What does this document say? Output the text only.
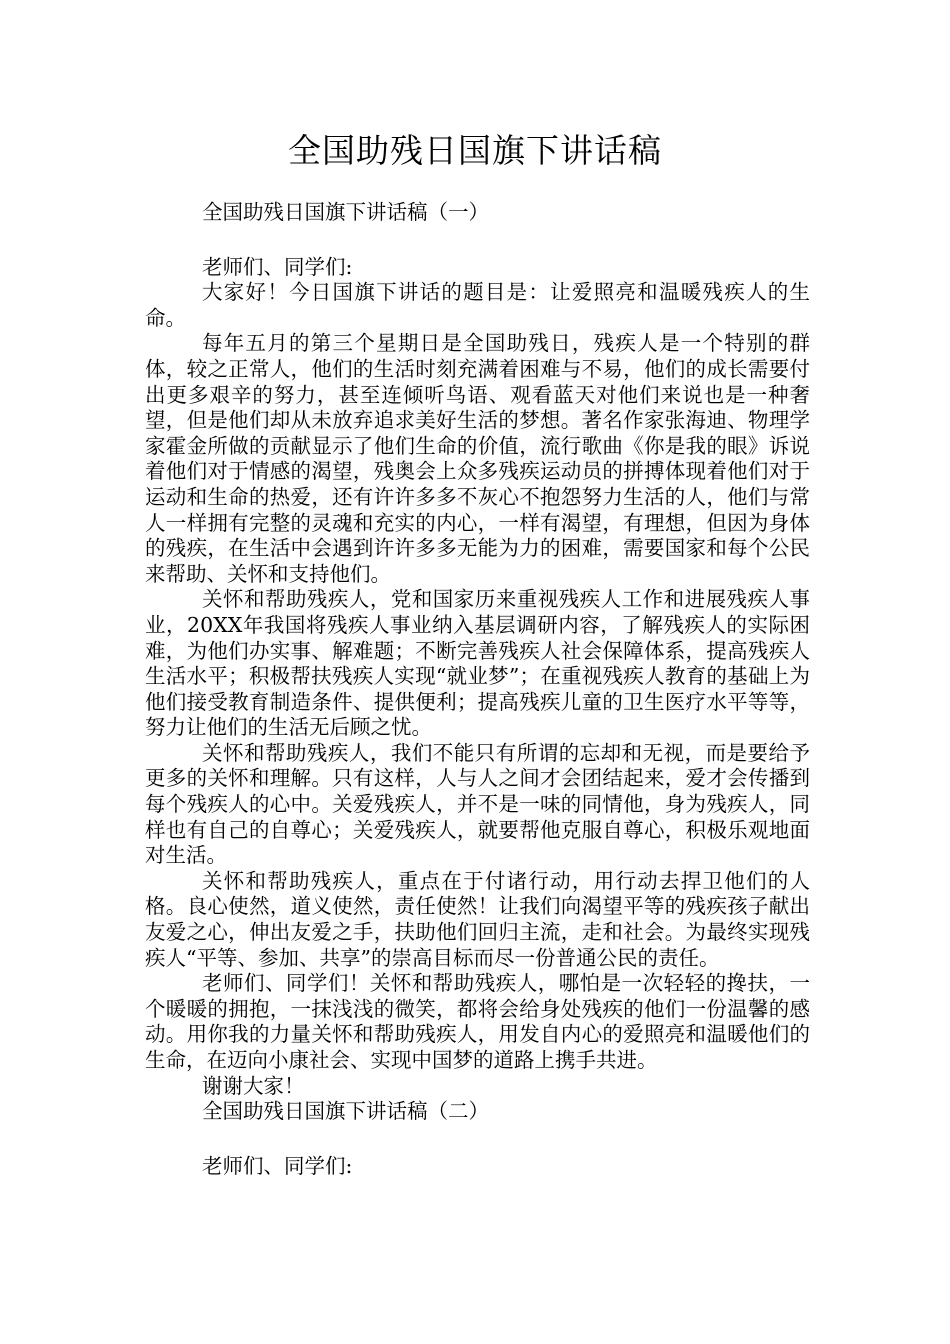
全国助残日国旗下讲话稿

全国助残日国旗下讲话稿（一）

老师们、同学们:

大家好！今日国旗下讲话的题目是：让爱照亮和温暖残疾人的生命。

每年五月的第三个星期日是全国助残日，残疾人是一个特别的群体，较之正常人，他们的生活时刻充满着困难与不易，他们的成长需要付出更多艰辛的努力，甚至连倾听鸟语、观看蓝天对他们来说也是一种奢望，但是他们却从未放弃追求美好生活的梦想。著名作家张海迪、物理学家霍金所做的贡献显示了他们生命的价值，流行歌曲《你是我的眼》诉说着他们对于情感的渴望，残奥会上众多残疾运动员的拼搏体现着他们对于运动和生命的热爱，还有许许多多不灰心不抱怨努力生活的人，他们与常人一样拥有完整的灵魂和充实的内心，一样有渴望，有理想，但因为身体的残疾，在生活中会遇到许许多多无能为力的困难，需要国家和每个公民来帮助、关怀和支持他们。

关怀和帮助残疾人，党和国家历来重视残疾人工作和进展残疾人事业，20XX年我国将残疾人事业纳入基层调研内容，了解残疾人的实际困难，为他们办实事、解难题；不断完善残疾人社会保障体系，提高残疾人生活水平；积极帮扶残疾人实现“就业梦”；在重视残疾人教育的基础上为他们接受教育制造条件、提供便利；提高残疾儿童的卫生医疗水平等等，努力让他们的生活无后顾之忧。

关怀和帮助残疾人，我们不能只有所谓的忘却和无视，而是要给予更多的关怀和理解。只有这样，人与人之间才会团结起来，爱才会传播到每个残疾人的心中。关爱残疾人，并不是一味的同情他，身为残疾人，同样也有自己的自尊心；关爱残疾人，就要帮他克服自尊心，积极乐观地面对生活。

关怀和帮助残疾人，重点在于付诸行动，用行动去捍卫他们的人格。良心使然，道义使然，责任使然！让我们向渴望平等的残疾孩子献出友爱之心，伸出友爱之手，扶助他们回归主流，走和社会。为最终实现残疾人“平等、参加、共享”的崇高目标而尽一份普通公民的责任。

老师们、同学们！关怀和帮助残疾人，哪怕是一次轻轻的搀扶，一个暖暖的拥抱，一抹浅浅的微笑，都将会给身处残疾的他们一份温馨的感动。用你我的力量关怀和帮助残疾人，用发自内心的爱照亮和温暖他们的生命，在迈向小康社会、实现中国梦的道路上携手共进。

谢谢大家！

全国助残日国旗下讲话稿（二）

老师们、同学们:
